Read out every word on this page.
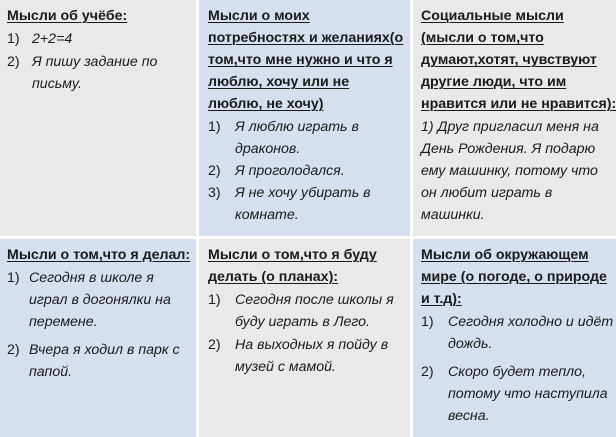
Мысли об учёбе:
1) 2+2=4
2) Я пишу задание по письму.
Мысли о моих потребностях и желаниях(о том,что мне нужно и что я люблю, хочу или не люблю, не хочу)
1)	Я люблю играть в драконов.
2)	Я проголодался.
3)	Я не хочу убирать в комнате.
Социальные мысли (мысли о том,что думают,хотят, чувствуют другие люди, что им нравится или не нравится):
1) Друг пригласил меня на День Рождения. Я подарю ему машинку, потому что он любит играть в машинки.
Мысли о том,что я делал:
1) Сегодня в школе я играл в догонялки на перемене.
2) Вчера я ходил в парк с папой.
Мысли о том,что я буду делать (о планах):
1)	Сегодня после школы я буду играть в Лего.
2)	На выходных я пойду в музей с мамой.
Мысли об окружающем мире (о погоде, о природе и т.д):
1)	Сегодня холодно и идёт дождь.
2)	Скоро будет тепло, потому что наступила весна.
